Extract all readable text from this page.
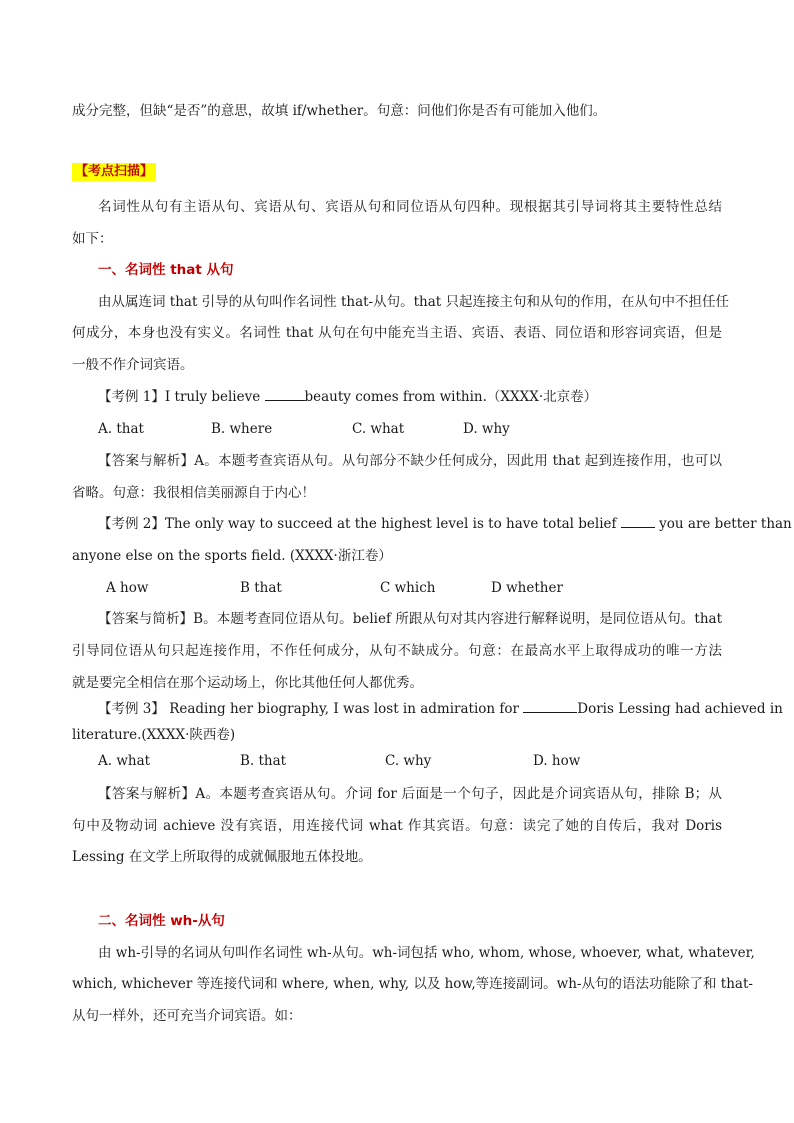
成分完整，但缺“是否”的意思，故填 if/whether。句意：问他们你是否有可能加入他们。
【考点扫描】
名词性从句有主语从句、宾语从句、宾语从句和同位语从句四种。现根据其引导词将其主要特性总结
如下：
一、名词性 that 从句
由从属连词 that 引导的从句叫作名词性 that-从句。that 只起连接主句和从句的作用，在从句中不担任任
何成分，本身也没有实义。名词性 that 从句在句中能充当主语、宾语、表语、同位语和形容词宾语，但是
一般不作介词宾语。
【考例 1】I truly believe	beauty comes from within.（XXXX·北京卷）
A. that	B. where	C. what	D. why
【答案与解析】A。本题考查宾语从句。从句部分不缺少任何成分，因此用 that 起到连接作用，也可以
省略。句意：我很相信美丽源自于内心！
【考例 2】The only way to succeed at the highest level is to have total belief	you are better than
anyone else on the sports field. (XXXX·浙江卷）
A how	B that	C which	D whether
【答案与简析】B。本题考查同位语从句。belief 所跟从句对其内容进行解释说明，是同位语从句。that
引导同位语从句只起连接作用，不作任何成分，从句不缺成分。句意：在最高水平上取得成功的唯一方法
就是要完全相信在那个运动场上，你比其他任何人都优秀。
【考例 3】 Reading her biography, I was lost in admiration for	Doris Lessing had achieved in
literature.(XXXX·陕西卷)
A. what	B. that	C. why	D. how
【答案与解析】A。本题考查宾语从句。介词 for 后面是一个句子，因此是介词宾语从句，排除 B；从
句中及物动词 achieve 没有宾语，用连接代词 what 作其宾语。句意：读完了她的自传后，我对 Doris
Lessing 在文学上所取得的成就佩服地五体投地。
二、名词性 wh-从句
由 wh-引导的名词从句叫作名词性 wh-从句。wh-词包括 who, whom, whose, whoever, what, whatever,
which, whichever 等连接代词和 where, when, why, 以及 how,等连接副词。wh-从句的语法功能除了和 that-
从句一样外，还可充当介词宾语。如：
